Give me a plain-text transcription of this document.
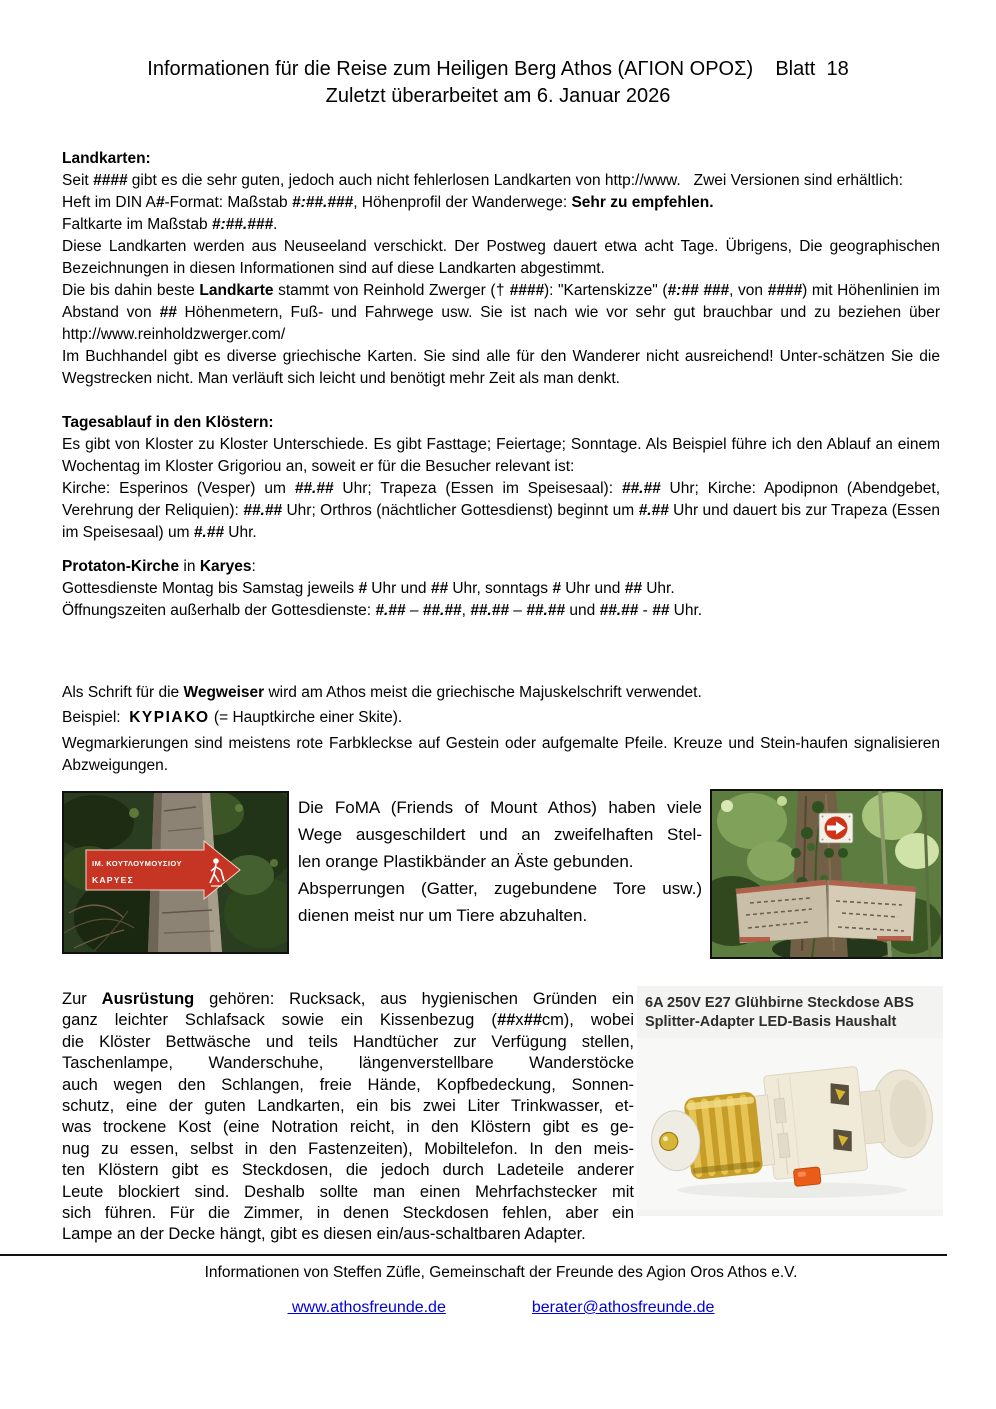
Informationen für die Reise zum Heiligen Berg Athos (ΑΓΙΟΝ ΟΡΟΣ)    Blatt  18
Zuletzt überarbeitet am 6. Januar 2026
Landkarten:
Seit #### gibt es die sehr guten, jedoch auch nicht fehlerlosen Landkarten von http://www.   Zwei Versionen sind erhältlich:
Heft im DIN A#-Format: Maßstab #:##.###, Höhenprofil der Wanderwege: Sehr zu empfehlen.
Faltkarte im Maßstab #:##.###.
Diese Landkarten werden aus Neuseeland verschickt. Der Postweg dauert etwa acht Tage. Übrigens, Die geographischen Bezeichnungen in diesen Informationen sind auf diese Landkarten abgestimmt.
Die bis dahin beste Landkarte stammt von Reinhold Zwerger († ####): "Kartenskizze" (#:## ###, von ####) mit Höhenlinien im Abstand von ## Höhenmetern, Fuß- und Fahrwege usw. Sie ist nach wie vor sehr gut brauchbar und zu beziehen über http://www.reinholdzwerger.com/
Im Buchhandel gibt es diverse griechische Karten. Sie sind alle für den Wanderer nicht ausreichend! Unter-schätzen Sie die Wegstrecken nicht. Man verläuft sich leicht und benötigt mehr Zeit als man denkt.
Tagesablauf in den Klöstern:
Es gibt von Kloster zu Kloster Unterschiede. Es gibt Fasttage; Feiertage; Sonntage. Als Beispiel führe ich den Ablauf an einem Wochentag im Kloster Grigoriou an, soweit er für die Besucher relevant ist:
Kirche: Esperinos (Vesper) um ##.## Uhr; Trapeza (Essen im Speisesaal): ##.## Uhr; Kirche: Apodipnon (Abendgebet, Verehrung der Reliquien): ##.## Uhr; Orthros (nächtlicher Gottesdienst) beginnt um #.## Uhr und dauert bis zur Trapeza (Essen im Speisesaal) um #.## Uhr.
Protaton-Kirche in Karyes:
Gottesdienste Montag bis Samstag jeweils # Uhr und ## Uhr, sonntags # Uhr und ## Uhr.
Öffnungszeiten außerhalb der Gottesdienste: #.## – ##.##, ##.## – ##.## und ##.## - ## Uhr.
Als Schrift für die Wegweiser wird am Athos meist die griechische Majuskelschrift verwendet.
Beispiel:  ΚΥΡΙΑΚΟ (= Hauptkirche einer Skite).
Wegmarkierungen sind meistens rote Farbkleckse auf Gestein oder aufgemalte Pfeile. Kreuze und Stein-haufen signalisieren Abzweigungen.
ΙΜ. ΚΟΥΤΛΟΥΜΟΥΣΙΟΥ
ΚΑΡΥΕΣ
Die FoMA (Friends of Mount Athos) haben viele
Wege ausgeschildert und an zweifelhaften Stel-
len orange Plastikbänder an Äste gebunden.
Absperrungen (Gatter, zugebundene Tore usw.)
dienen meist nur um Tiere abzuhalten.
Zur Ausrüstung gehören: Rucksack, aus hygienischen Gründen ein
ganz leichter Schlafsack sowie ein Kissenbezug (##x##cm), wobei
die Klöster Bettwäsche und teils Handtücher zur Verfügung stellen,
Taschenlampe, Wanderschuhe, längenverstellbare Wanderstöcke
auch wegen den Schlangen, freie Hände, Kopfbedeckung, Sonnen-
schutz, eine der guten Landkarten, ein bis zwei Liter Trinkwasser, et-
was trockene Kost (eine Notration reicht, in den Klöstern gibt es ge-
nug zu essen, selbst in den Fastenzeiten), Mobiltelefon. In den meis-
ten Klöstern gibt es Steckdosen, die jedoch durch Ladeteile anderer
Leute blockiert sind. Deshalb sollte man einen Mehrfachstecker mit
sich führen. Für die Zimmer, in denen Steckdosen fehlen, aber ein
Lampe an der Decke hängt, gibt es diesen ein/aus-schaltbaren Adapter.
6A 250V E27 Glühbirne Steckdose ABS Splitter-Adapter LED-Basis Haushalt
Informationen von Steffen Züfle, Gemeinschaft der Freunde des Agion Oros Athos e.V.
www.athosfreunde.de	berater@athosfreunde.de
